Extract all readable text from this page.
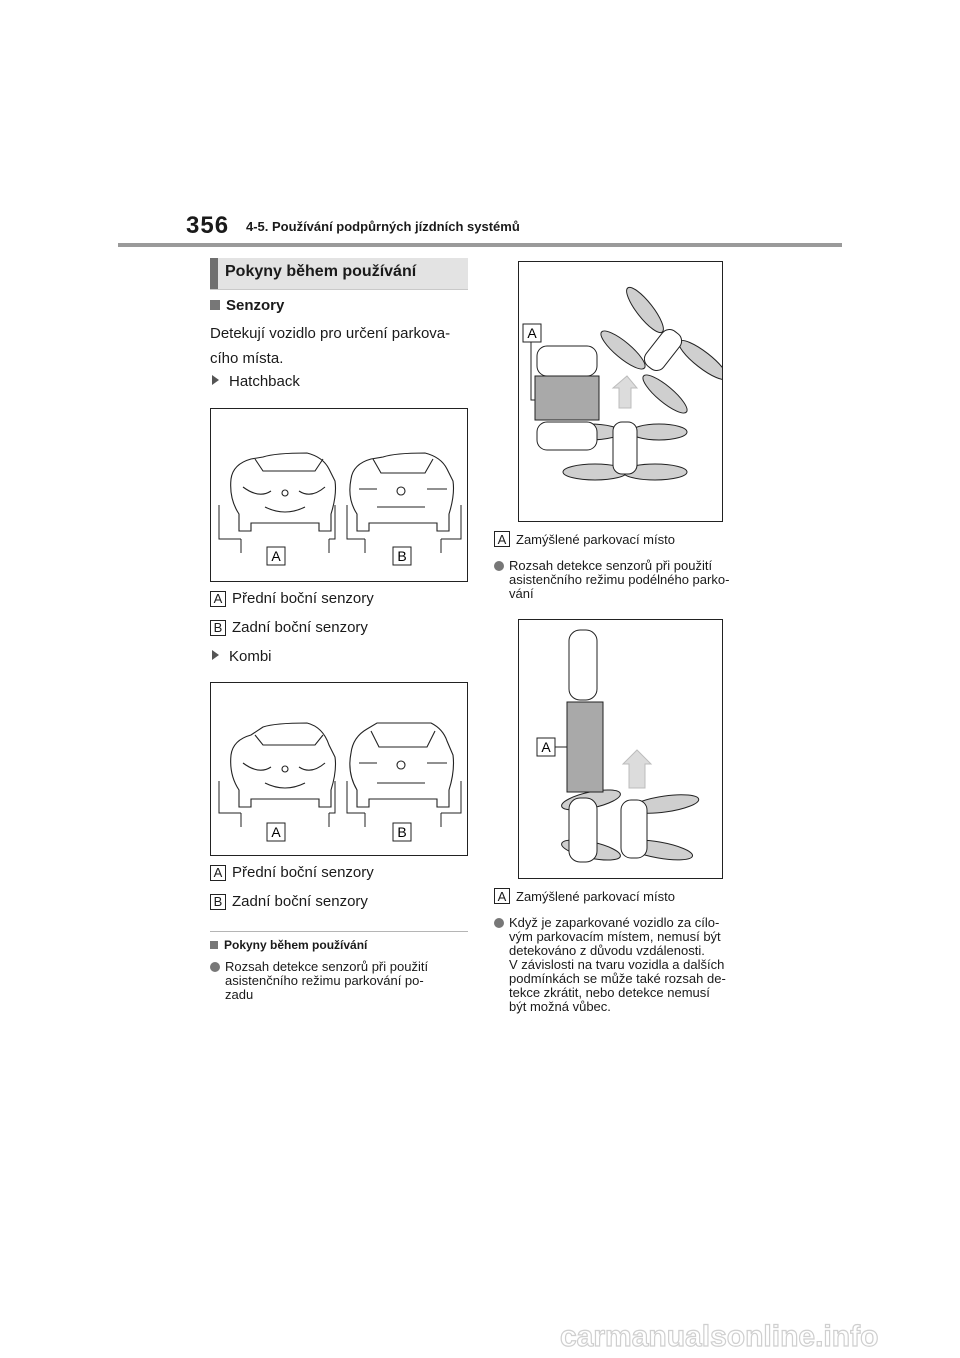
356 4-5. Používání podpůrných jízdních systémů
Pokyny během používání
Senzory
Detekují vozidlo pro určení parkova-
cího místa.
Hatchback
A	B
A Přední boční senzory
B Zadní boční senzory
Kombi
A	B
A Přední boční senzory
B Zadní boční senzory
Pokyny během používání
Rozsah detekce senzorů při použití
asistenčního režimu parkování po-
zadu
A
A Zamýšlené parkovací místo
Rozsah detekce senzorů při použití
asistenčního režimu podélného parko-
vání
A
A Zamýšlené parkovací místo
Když je zaparkované vozidlo za cílo-
vým parkovacím místem, nemusí být
detekováno z důvodu vzdálenosti.
V závislosti na tvaru vozidla a dalších
podmínkách se může také rozsah de-
tekce zkrátit, nebo detekce nemusí
být možná vůbec.
carmanualsonline.info
